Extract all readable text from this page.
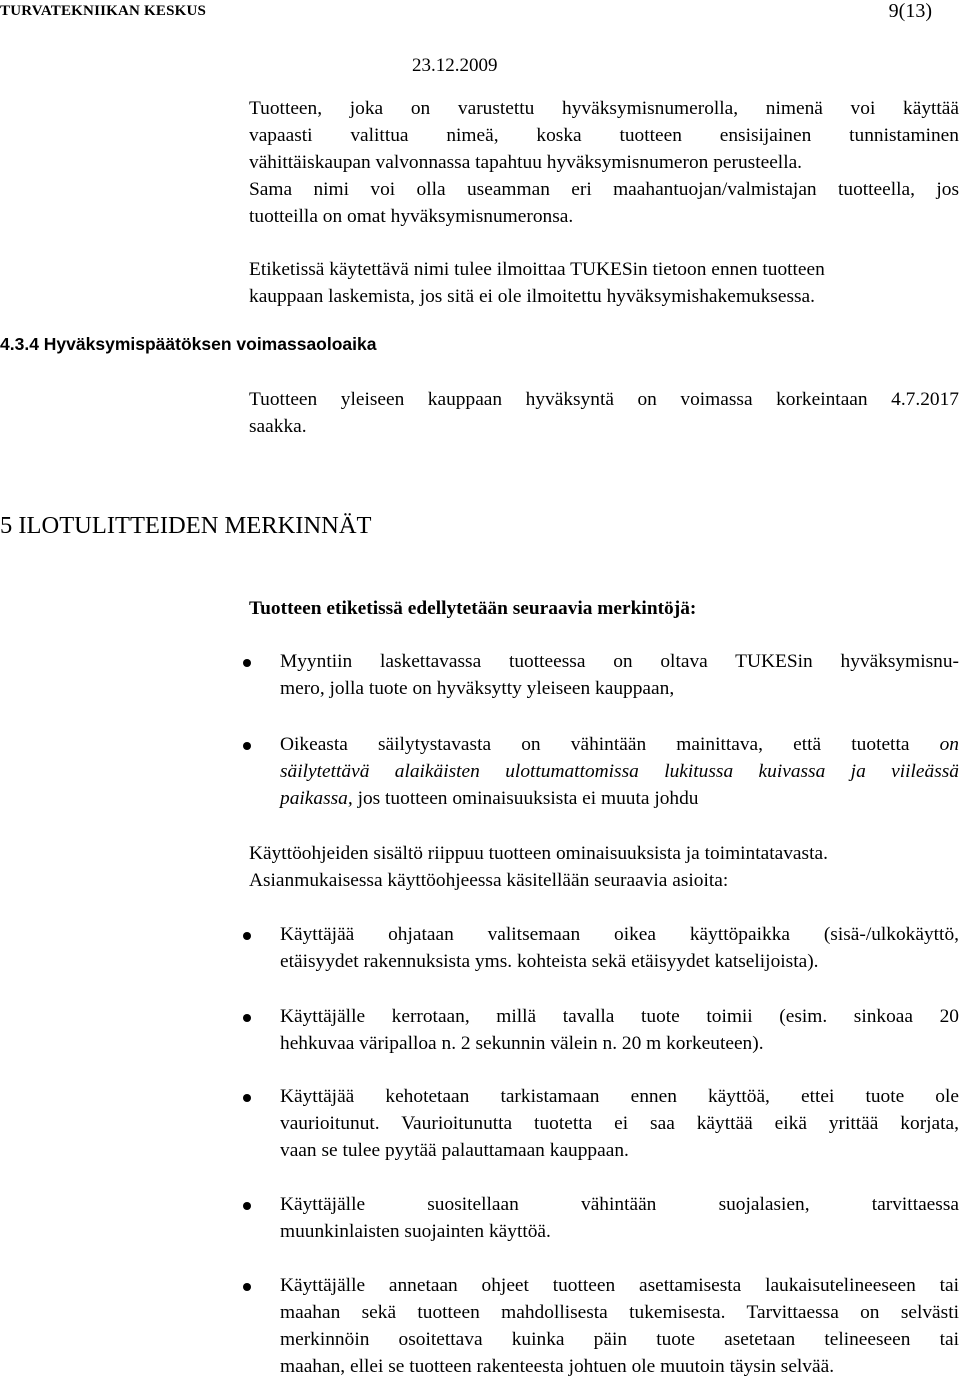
TURVATEKNIIKAN KESKUS	9(13)
23.12.2009
Tuotteen, joka on varustettu hyväksymisnumerolla, nimenä voi käyttää
vapaasti valittua nimeä, koska tuotteen ensisijainen tunnistaminen
vähittäiskaupan valvonnassa tapahtuu hyväksymisnumeron perusteella.
Sama nimi voi olla useamman eri maahantuojan/valmistajan tuotteella, jos
tuotteilla on omat hyväksymisnumeronsa.
Etiketissä käytettävä nimi tulee ilmoittaa TUKESin tietoon ennen tuotteen
kauppaan laskemista, jos sitä ei ole ilmoitettu hyväksymishakemuksessa.
4.3.4 Hyväksymispäätöksen voimassaoloaika
Tuotteen yleiseen kauppaan hyväksyntä on voimassa korkeintaan 4.7.2017
saakka.
5 ILOTULITTEIDEN MERKINNÄT
Tuotteen etiketissä edellytetään seuraavia merkintöjä:
Myyntiin laskettavassa tuotteessa on oltava TUKESin hyväksymisnu-
mero, jolla tuote on hyväksytty yleiseen kauppaan,
Oikeasta säilytystavasta on vähintään mainittava, että tuotetta on
säilytettävä alaikäisten ulottumattomissa lukitussa kuivassa ja viileässä
paikassa, jos tuotteen ominaisuuksista ei muuta johdu
Käyttöohjeiden sisältö riippuu tuotteen ominaisuuksista ja toimintatavasta.
Asianmukaisessa käyttöohjeessa käsitellään seuraavia asioita:
Käyttäjää ohjataan valitsemaan oikea käyttöpaikka (sisä-/ulkokäyttö,
etäisyydet rakennuksista yms. kohteista sekä etäisyydet katselijoista).
Käyttäjälle kerrotaan, millä tavalla tuote toimii (esim. sinkoaa 20
hehkuvaa väripalloa n. 2 sekunnin välein n. 20 m korkeuteen).
Käyttäjää kehotetaan tarkistamaan ennen käyttöä, ettei tuote ole
vaurioitunut. Vaurioitunutta tuotetta ei saa käyttää eikä yrittää korjata,
vaan se tulee pyytää palauttamaan kauppaan.
Käyttäjälle suositellaan vähintään suojalasien, tarvittaessa
muunkinlaisten suojainten käyttöä.
Käyttäjälle annetaan ohjeet tuotteen asettamisesta laukaisutelineeseen tai
maahan sekä tuotteen mahdollisesta tukemisesta. Tarvittaessa on selvästi
merkinnöin osoitettava kuinka päin tuote asetetaan telineeseen tai
maahan, ellei se tuotteen rakenteesta johtuen ole muutoin täysin selvää.
